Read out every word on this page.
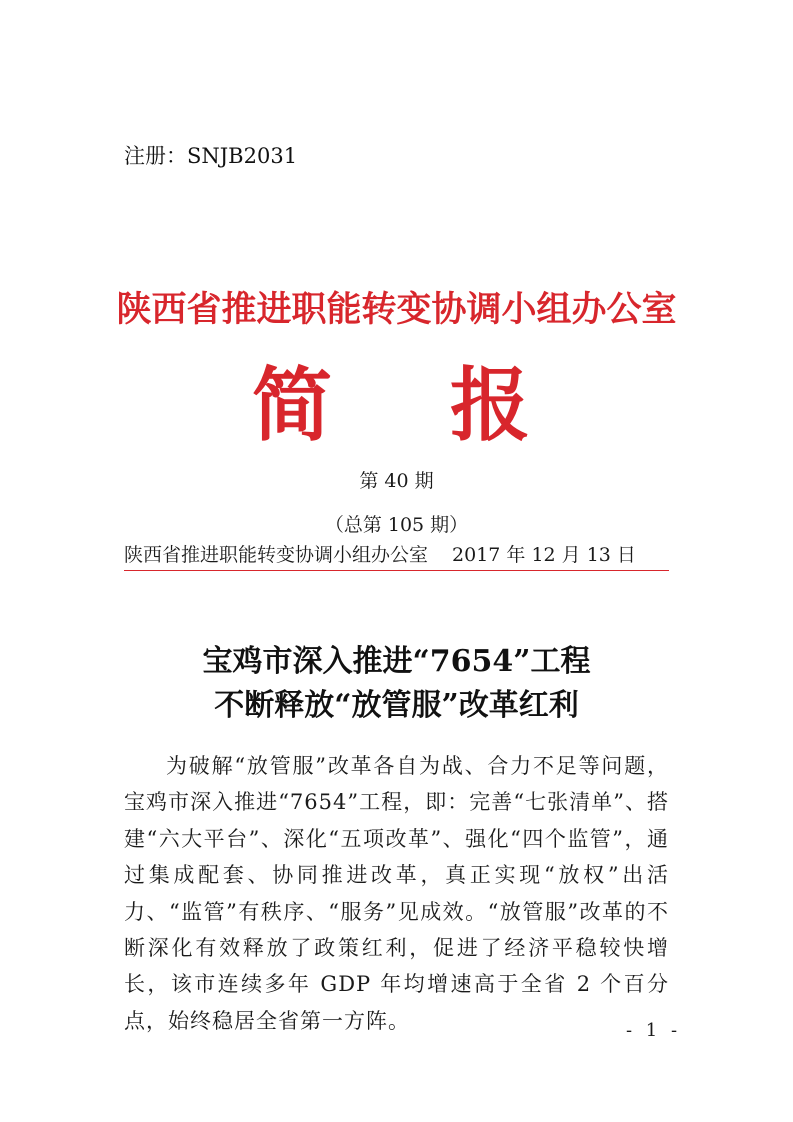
注册：SNJB2031
陕西省推进职能转变协调小组办公室
简 报
第 40 期
（总第 105 期）
陕西省推进职能转变协调小组办公室 2017 年 12 月 13 日
宝鸡市深入推进“7654”工程
不断释放“放管服”改革红利
为破解“放管服”改革各自为战、合力不足等问题，宝鸡市深入推进“7654”工程，即：完善“七张清单”、搭建“六大平台”、深化“五项改革”、强化“四个监管”，通过集成配套、协同推进改革，真正实现“放权”出活力、“监管”有秩序、“服务”见成效。“放管服”改革的不断深化有效释放了政策红利，促进了经济平稳较快增长，该市连续多年 GDP 年均增速高于全省 2 个百分点，始终稳居全省第一方阵。	- 1 -
